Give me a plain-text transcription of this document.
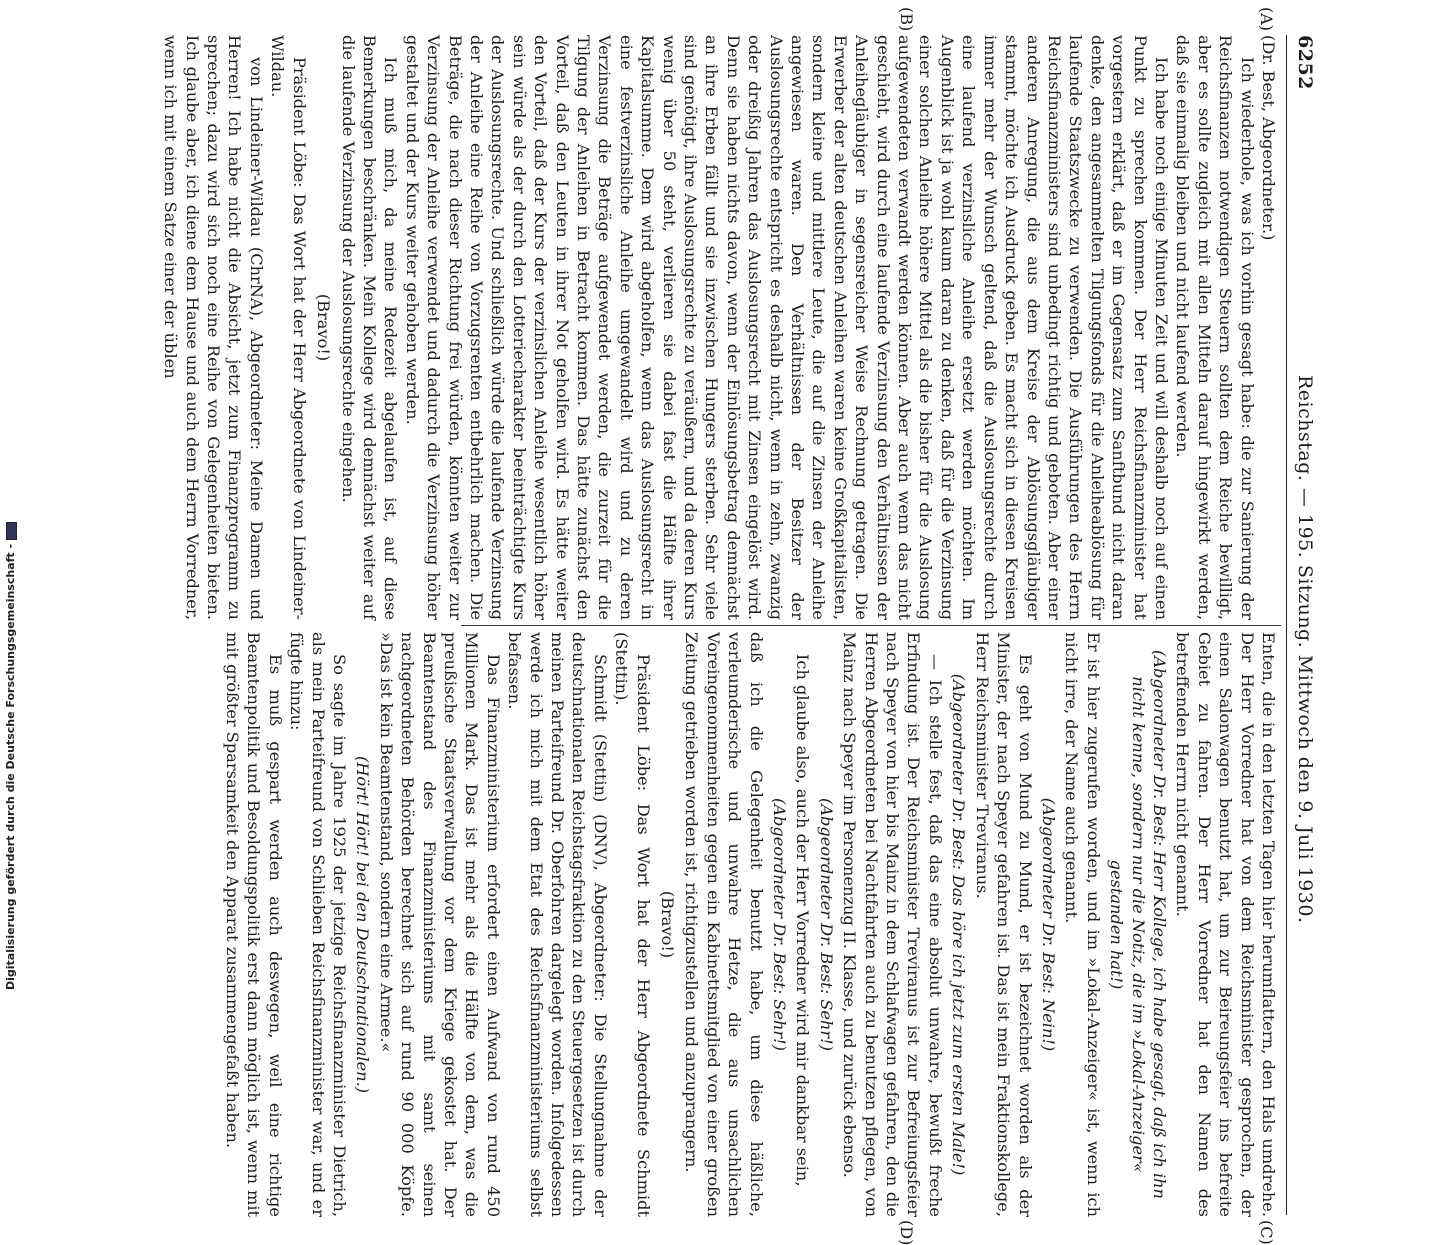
6252
Reichstag. — 195. Sitzung. Mittwoch den 9. Juli 1930.
(A)
(B)
(C)
(D)

(Dr. Best, Abgeordneter.)

Ich wiederhole, was ich vorhin gesagt habe: die zur Sanierung der Reichsfinanzen notwendigen Steuern sollten dem Reiche bewilligt, aber es sollte zugleich mit allen Mitteln darauf hingewirkt werden, daß sie einmalig bleiben und nicht laufend werden.

Ich habe noch einige Minuten Zeit und will deshalb noch auf einen Punkt zu sprechen kommen. Der Herr Reichsfinanzminister hat vorgestern erklärt, daß er im Gegensatz zum Sanftbund nicht daran denke, den angesammelten Tilgungsfonds für die Anleiheablösung für laufende Staatszwecke zu verwenden. Die Ausführungen des Herrn Reichsfinanzministers sind unbedingt richtig und geboten. Aber einer anderen Anregung, die aus dem Kreise der Ablösungsgläubiger stammt, möchte ich Ausdruck geben. Es macht sich in diesen Kreisen immer mehr der Wunsch geltend, daß die Auslosungsrechte durch eine laufend verzinsliche Anleihe ersetzt werden möchten. Im Augenblick ist ja wohl kaum daran zu denken, daß für die Verzinsung einer solchen Anleihe höhere Mittel als die bisher für die Auslosung aufgewendeten verwandt werden können. Aber auch wenn das nicht geschieht, wird durch eine laufende Verzinsung den Verhältnissen der Anleihegläubiger in segensreicher Weise Rechnung getragen. Die Erwerber der alten deutschen Anleihen waren keine Großkapitalisten, sondern kleine und mittlere Leute, die auf die Zinsen der Anleihe angewiesen waren. Den Verhältnissen der Besitzer der Auslosungsrechte entspricht es deshalb nicht, wenn in zehn, zwanzig oder dreißig Jahren das Auslosungsrecht mit Zinsen eingelöst wird. Denn sie haben nichts davon, wenn der Einlösungsbetrag demnächst an ihre Erben fällt und sie inzwischen Hungers sterben. Sehr viele sind genötigt, ihre Auslosungsrechte zu veräußern, und da deren Kurs wenig über 50 steht, verlieren sie dabei fast die Hälfte ihrer Kapitalsumme. Dem wird abgeholfen, wenn das Auslosungsrecht in eine festverzinsliche Anleihe umgewandelt wird und zu deren Verzinsung die Beträge aufgewendet werden, die zurzeit für die Tilgung der Anleihen in Betracht kommen. Das hätte zunächst den Vorteil, daß den Leuten in ihrer Not geholfen wird. Es hätte weiter den Vorteil, daß der Kurs der verzinslichen Anleihe wesentlich höher sein würde als der durch den Lotteriecharakter beeinträchtigte Kurs der Auslosungsrechte. Und schließlich würde die laufende Verzinsung der Anleihe eine Reihe von Vorzugsrenten entbehrlich machen. Die Beträge, die nach dieser Richtung frei würden, könnten weiter zur Verzinsung der Anleihe verwendet und dadurch die Verzinsung höher gestaltet und der Kurs weiter gehoben werden.

Ich muß mich, da meine Redezeit abgelaufen ist, auf diese Bemerkungen beschränken. Mein Kollege wird demnächst weiter auf die laufende Verzinsung der Auslosungsrechte eingehen.

(Bravo!)

Präsident Löbe: Das Wort hat der Herr Abgeordnete von Lindeiner-Wildau.

von Lindeiner-Wildau (ChrNA), Abgeordneter: Meine Damen und Herren! Ich habe nicht die Absicht, jetzt zum Finanzprogramm zu sprechen; dazu wird sich noch eine Reihe von Gelegenheiten bieten. Ich glaube aber, ich diene dem Hause und auch dem Herrn Vorredner, wenn ich mit einem Satze einer der üblen

Enten, die in den letzten Tagen hier herumflattern, den Hals umdrehe. Der Herr Vorredner hat von dem Reichsminister gesprochen, der einen Salonwagen benutzt hat, um zur Beireungsfeier ins befreite Gebiet zu fahren. Der Herr Vorredner hat den Namen des betreffenden Herrn nicht genannt.

(Abgeordneter Dr. Best: Herr Kollege, ich habe gesagt, daß ich ihn nicht kenne, sondern nur die Notiz, die im »Lokal-Anzeiger« gestanden hat!)

Er ist hier zugerufen worden, und im »Lokal-Anzeiger« ist, wenn ich nicht irre, der Name auch genannt.

(Abgeordneter Dr. Best: Nein!)

Es geht von Mund zu Mund, er ist bezeichnet worden als der Minister, der nach Speyer gefahren ist. Das ist mein Fraktionskollege, Herr Reichsminister Treviranus.

(Abgeordneter Dr. Best: Das höre ich jetzt zum ersten Male!)

— Ich stelle fest, daß das eine absolut unwahre, bewußt freche Erfindung ist. Der Reichsminister Treviranus ist zur Befreiungsfeier nach Speyer von hier bis Mainz in dem Schlafwagen gefahren, den die Herren Abgeordneten bei Nachtfahrten auch zu benutzen pflegen, von Mainz nach Speyer im Personenzug II. Klasse, und zurück ebenso.

(Abgeordneter Dr. Best: Sehr!)

Ich glaube also, auch der Herr Vorredner wird mir dankbar sein,

(Abgeordneter Dr. Best: Sehr!)

daß ich die Gelegenheit benutzt habe, um diese häßliche, verleumderische und unwahre Hetze, die aus unsachlichen Voreingenommenheiten gegen ein Kabinettsmitglied von einer großen Zeitung getrieben worden ist, richtigzustellen und anzuprangern.

(Bravo!)

Präsident Löbe: Das Wort hat der Herr Abgeordnete Schmidt (Stettin).

Schmidt (Stettin) (DNV), Abgeordneter: Die Stellungnahme der deutschnationalen Reichstagsfraktion zu den Steuergesetzen ist durch meinen Parteifreund Dr. Oberfohren dargelegt worden. Infolgedessen werde ich mich mit dem Etat des Reichsfinanzministeriums selbst befassen.

Das Finanzministerium erfordert einen Aufwand von rund 450 Millionen Mark. Das ist mehr als die Hälfte von dem, was die preußische Staatsverwaltung vor dem Kriege gekostet hat. Der Beamtenstand des Finanzministeriums mit samt seinen nachgeordneten Behörden berechnet sich auf rund 90 000 Köpfe. »Das ist kein Beamtenstand, sondern eine Armee.«

(Hört! Hört! bei den Deutschnationalen.)

So sagte im Jahre 1925 der jetzige Reichsfinanzminister Dietrich, als mein Parteifreund von Schlieben Reichsfinanzminister war, und er fügte hinzu:

Es muß gespart werden auch deswegen, weil eine richtige Beamtenpolitik und Besoldungspolitik erst dann möglich ist, wenn mit mit größter Sparsamkeit den Apparat zusammengefaßt haben.

Digitalisierung gefördert durch die Deutsche Forschungsgemeinschaft -
